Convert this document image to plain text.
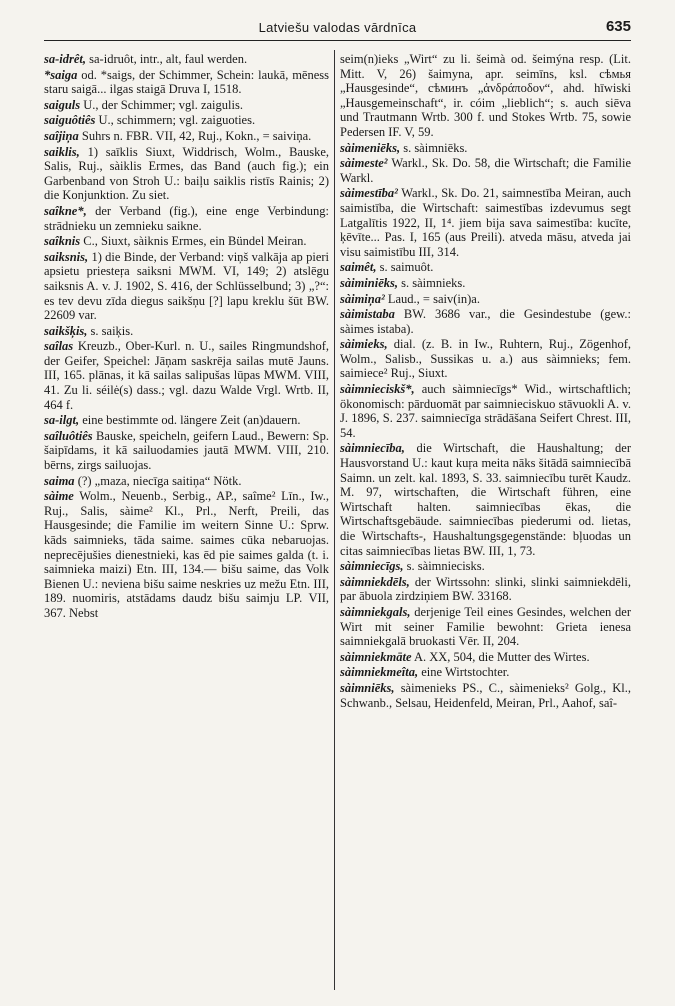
Latviešu valodas vārdnīca	635

sa-idrêt, sa-idruôt, intr., alt, faul werden.

*saiga od. *saigs, der Schimmer, Schein: laukā, mēness staru saigā... ilgas staigā Druva I, 1518.

saiguls U., der Schimmer; vgl. zaigulis.

saiguôtiês U., schimmern; vgl. zaiguoties.

saîjiņa Suhrs n. FBR. VII, 42, Ruj., Kokn., = saiviņa.

saiklis, 1) saīklis Siuxt, Widdrisch, Wolm., Bauske, Salis, Ruj., sàiklis Ermes, das Band (auch fig.); ein Garbenband von Stroh U.: baiļu saiklis ristīs Rainis; 2) die Konjunktion. Zu siet.

saîkne*, der Verband (fig.), eine enge Verbindung: strādnieku un zemnieku saikne.

saîknis C., Siuxt, sàiknis Ermes, ein Bündel Meiran.

saiksnis, 1) die Binde, der Verband: viņš valkāja ap pieri apsietu priesteŗa saiksni MWM. VI, 149; 2) atslēgu saiksnis A. v. J. 1902, S. 416, der Schlüsselbund; 3) „?“: es tev devu zīda diegus saikšņu [?] lapu kreklu šūt BW. 22609 var.

saikšķis, s. saiķis.

saîlas Kreuzb., Ober-Kurl. n. U., sailes Ringmundshof, der Geifer, Speichel: Jāņam saskrēja sailas mutē Jauns. III, 165. plānas, it kā sailas salipušas lūpas MWM. VIII, 41. Zu li. séilė(s) dass.; vgl. dazu Walde Vrgl. Wrtb. II, 464 f.

sa-ilgt, eine bestimmte od. längere Zeit (an)dauern.

saîluôtiês Bauske, speicheln, geifern Laud., Bewern: Sp. šaipīdams, it kā sailuodamies jautā MWM. VIII, 210. bērns, zirgs sailuojas.

saima (?) „maza, niecīga saitiņa“ Nötk.

sàime Wolm., Neuenb., Serbig., AP., saîme² Līn., Iw., Ruj., Salis, sàime² Kl., Prl., Nerft, Preili, das Hausgesinde; die Familie im weitern Sinne U.: Sprw. kāds saimnieks, tāda saime. saimes cūka nebaruojas. neprecējušies dienestnieki, kas ēd pie saimes galda (t. i. saimnieka maizi) Etn. III, 134.— bišu saime, das Volk Bienen U.: neviena bišu saime neskries uz mežu Etn. III, 189. nuomiris, atstādams daudz bišu saimju LP. VII, 367. Nebst

seim(n)ieks „Wirt“ zu li. šeimà od. šeimýna resp. (Lit. Mitt. V, 26) šaimyna, apr. seimīns, ksl. сѣмья „Hausgesinde“, сѣминъ „ἀνδράποδον“, ahd. hīwiski „Hausgemeinschaft“, ir. cóim „lieblich“; s. auch siēva und Trautmann Wrtb. 300 f. und Stokes Wrtb. 75, sowie Pedersen IF. V, 59.

sàimeniēks, s. sàimniēks.

sàimeste² Warkl., Sk. Do. 58, die Wirtschaft; die Familie Warkl.

sàimestība² Warkl., Sk. Do. 21, saimnestība Meiran, auch saimistība, die Wirtschaft: saimestības izdevumus segt Latgalītis 1922, II, 1⁴. jiem bija sava saimestība: kucīte, ķēvīte... Pas. I, 165 (aus Preili). atveda māsu, atveda jai visu saimistību III, 314.

saimêt, s. saimuôt.

sàiminiēks, s. sàimnieks.

sàimiņa² Laud., = saiv(in)a.

sàimistaba BW. 3686 var., die Gesindestube (gew.: sàimes istaba).

sàimieks, dial. (z. B. in Iw., Ruhtern, Ruj., Zögenhof, Wolm., Salisb., Sussikas u. a.) aus sàimnieks; fem. saimiece² Ruj., Siuxt.

sàimnieciskš*, auch sàimniecīgs* Wid., wirtschaftlich; ökonomisch: pārduomāt par saimnieciskuo stāvuokli A. v. J. 1896, S. 237. saimniecīga strādāšana Seifert Chrest. III, 54.

sàimniecība, die Wirtschaft, die Haushaltung; der Hausvorstand U.: kaut kuŗa meita nāks šitādā saimniecībā Saimn. un zelt. kal. 1893, S. 33. saimniecību turēt Kaudz. M. 97, wirtschaften, die Wirtschaft führen, eine Wirtschaft halten. saimniecības ēkas, die Wirtschaftsgebäude. saimniecības piederumi od. lietas, die Wirtschafts-, Haushaltungsgegenstände: bļuodas un citas saimniecības lietas BW. III, 1, 73.

sàimniecīgs, s. sàimniecisks.

sàimniekdēls, der Wirtssohn: slinki, slinki saimniekdēli, par ābuola zirdziņiem BW. 33168.

sàimniekgals, derjenige Teil eines Gesindes, welchen der Wirt mit seiner Familie bewohnt: Grieta ienesa saimniekgalā bruokasti Vēr. II, 204.

sàimniekmāte A. XX, 504, die Mutter des Wirtes.

sàimniekmeîta, eine Wirtstochter.

sàimniēks, sàimenieks PS., C., sàimenieks² Golg., Kl., Schwanb., Selsau, Heidenfeld, Meiran, Prl., Aahof, saî-
